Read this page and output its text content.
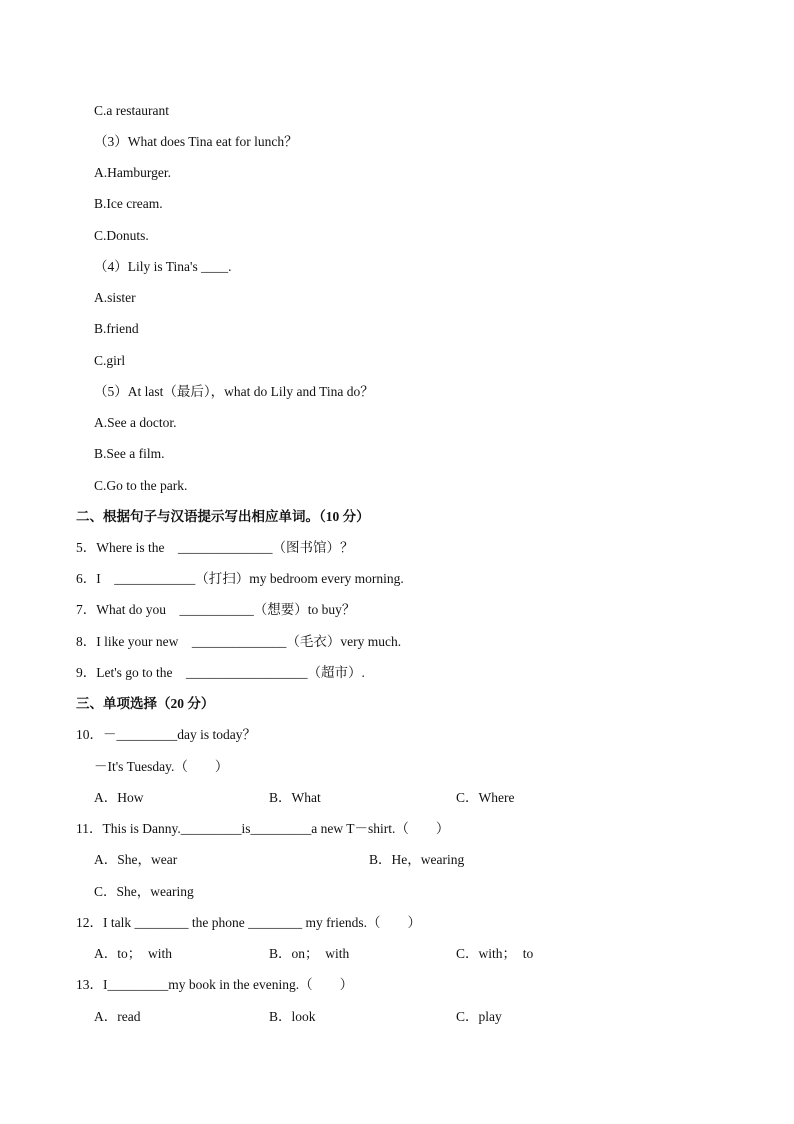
C.a restaurant
（3）What does Tina eat for lunch？
A.Hamburger.
B.Ice cream.
C.Donuts.
（4）Lily is Tina's ____.
A.sister
B.friend
C.girl
（5）At last（最后），what do Lily and Tina do？
A.See a doctor.
B.See a film.
C.Go to the park.
二、根据句子与汉语提示写出相应单词。（10 分）
5．Where is the    ______________（图书馆）？
6．I    ____________（打扫）my bedroom every morning.
7．What do you    ___________（想要）to buy？
8．I like your new    ______________（毛衣）very much.
9．Let's go to the    __________________（超市）.
三、单项选择（20 分）
10．－_________day is today？
－It's Tuesday.（　　）
A．How	B．What	C．Where
11．This is Danny._________is_________a new T－shirt.（　　）
A．She，wear	B．He，wearing
C．She，wearing
12．I talk ________ the phone ________ my friends.（　　）
A．to；  with	B．on；  with	C．with；  to
13．I_________my book in the evening.（　　）
A．read	B．look	C．play
